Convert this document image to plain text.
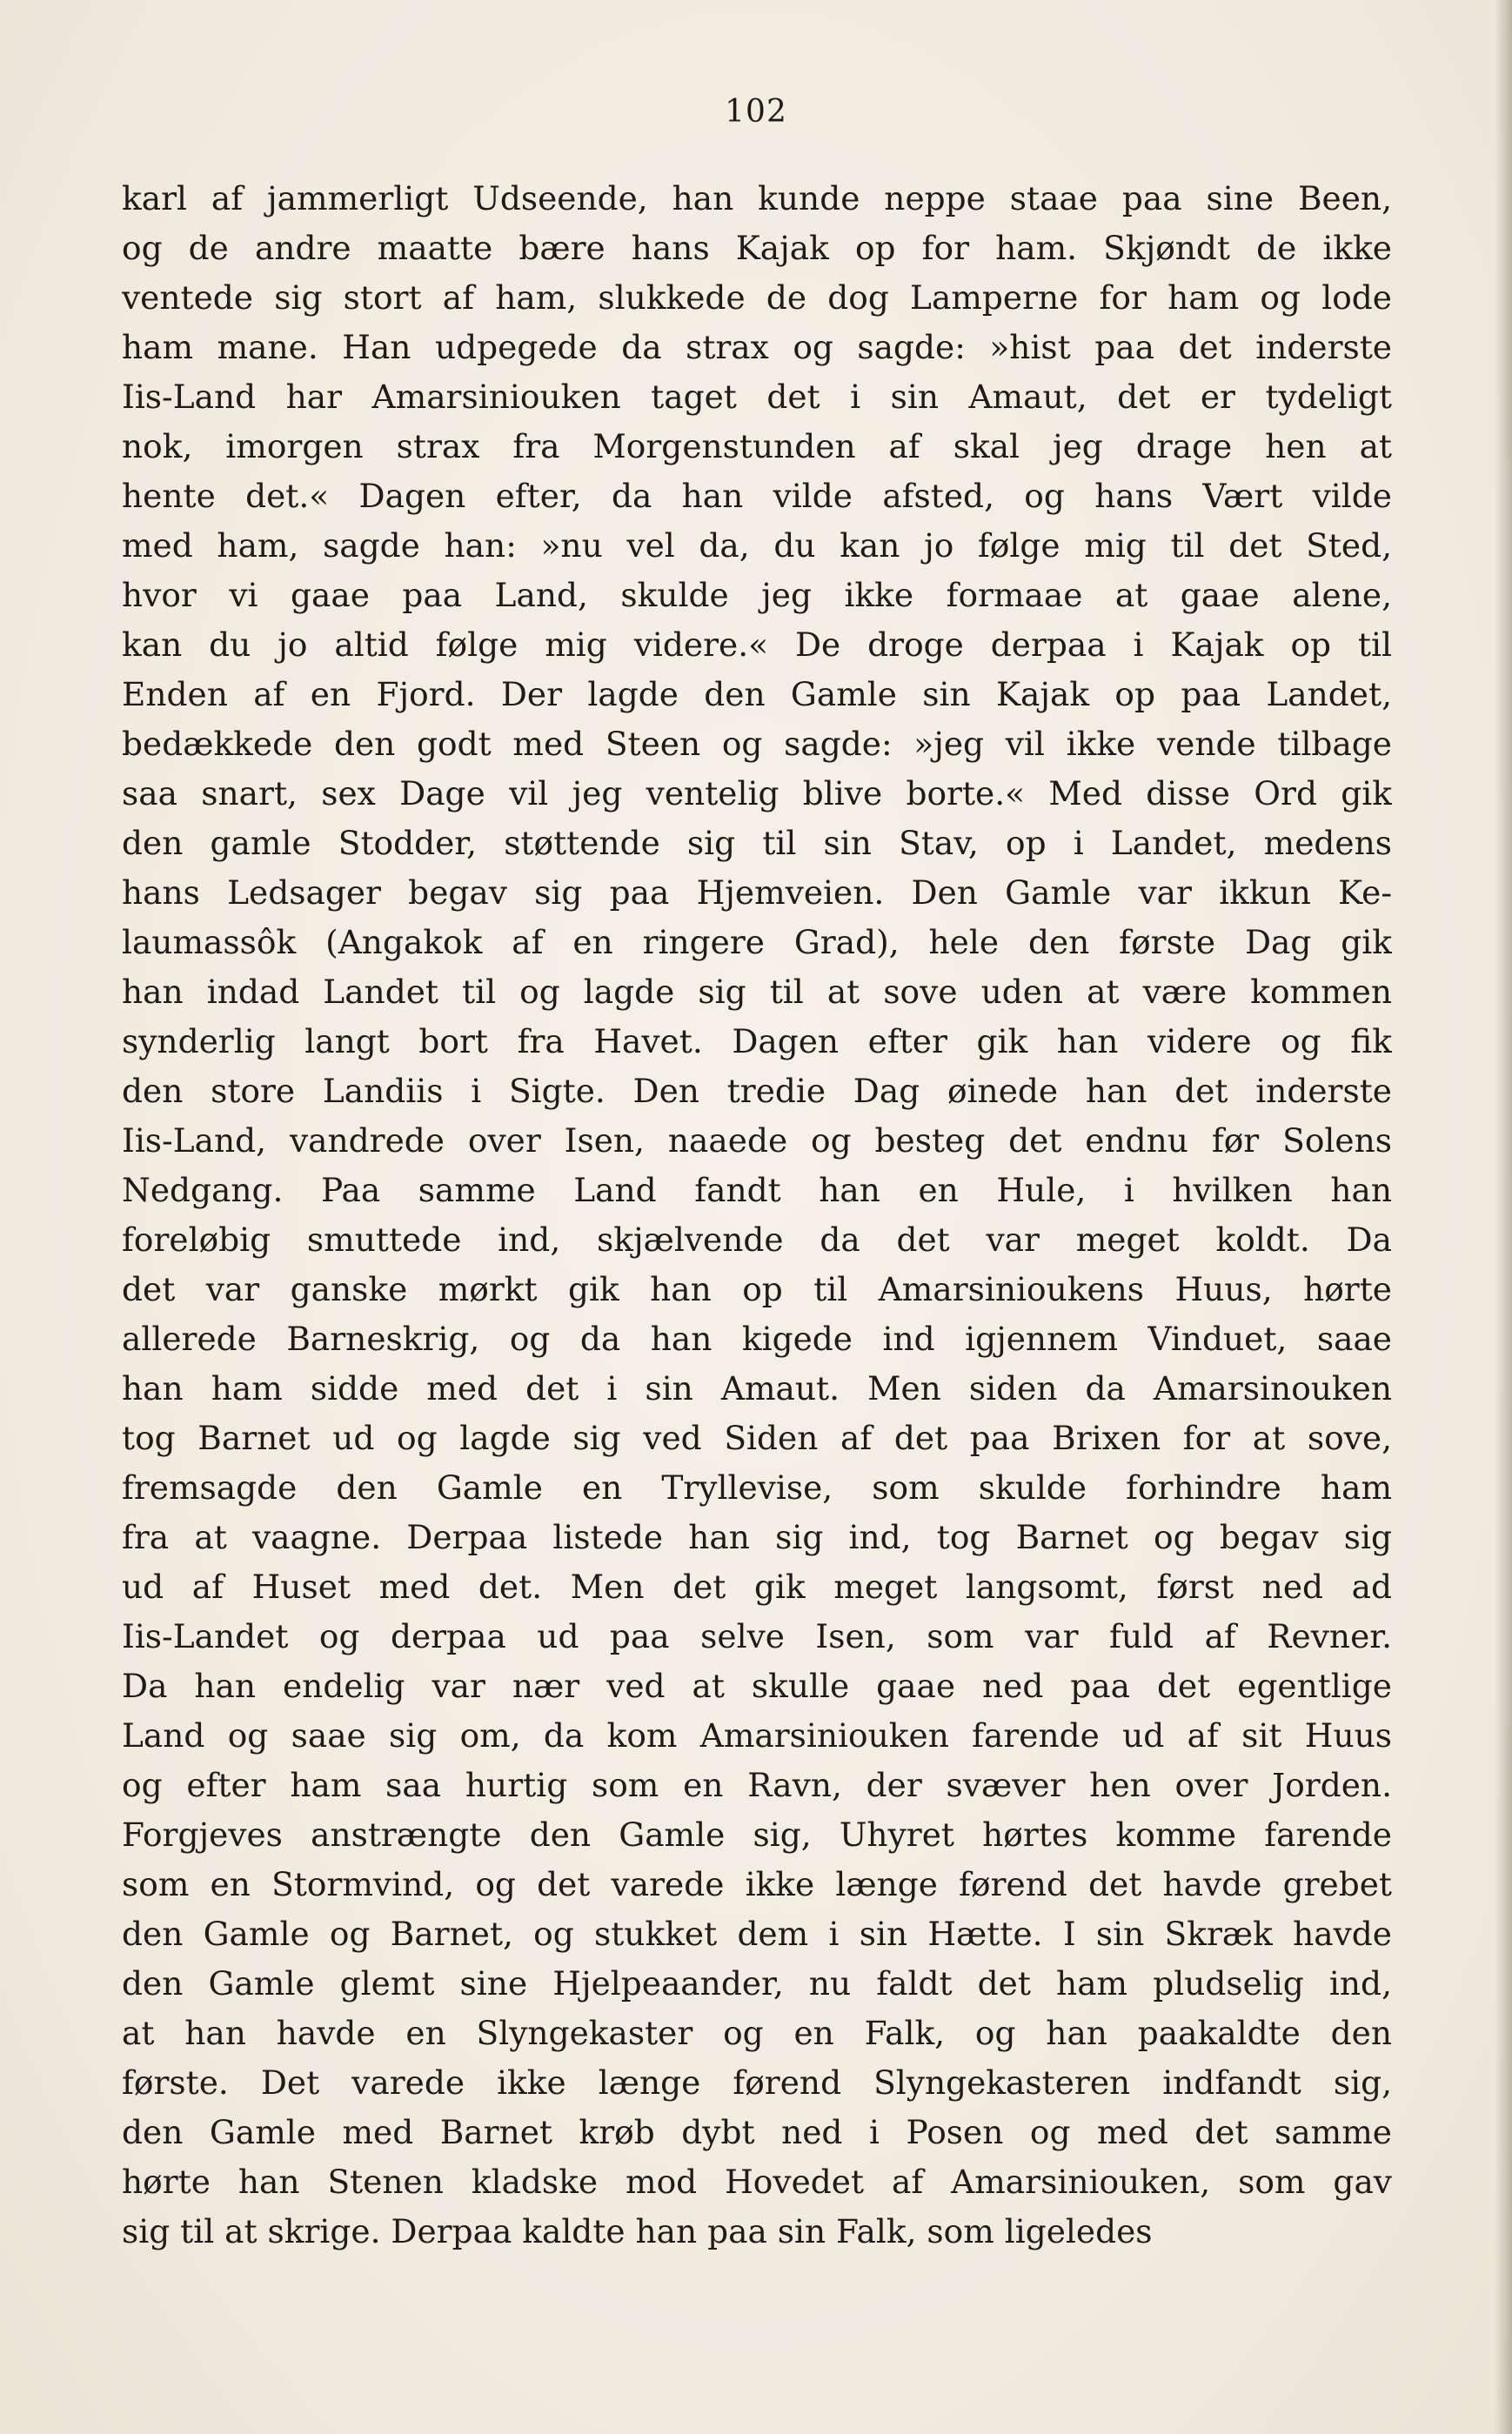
102
karl af jammerligt Udseende, han kunde neppe staae paa sine Been,
og de andre maatte bære hans Kajak op for ham. Skjøndt de ikke
ventede sig stort af ham, slukkede de dog Lamperne for ham og lode
ham mane. Han udpegede da strax og sagde: »hist paa det inderste
Iis-Land har Amarsiniouken taget det i sin Amaut, det er tydeligt
nok, imorgen strax fra Morgenstunden af skal jeg drage hen at
hente det.« Dagen efter, da han vilde afsted, og hans Vært vilde
med ham, sagde han: »nu vel da, du kan jo følge mig til det Sted,
hvor vi gaae paa Land, skulde jeg ikke formaae at gaae alene,
kan du jo altid følge mig videre.« De droge derpaa i Kajak op til
Enden af en Fjord. Der lagde den Gamle sin Kajak op paa Landet,
bedækkede den godt med Steen og sagde: »jeg vil ikke vende tilbage
saa snart, sex Dage vil jeg ventelig blive borte.« Med disse Ord gik
den gamle Stodder, støttende sig til sin Stav, op i Landet, medens
hans Ledsager begav sig paa Hjemveien. Den Gamle var ikkun Ke-
laumassôk (Angakok af en ringere Grad), hele den første Dag gik
han indad Landet til og lagde sig til at sove uden at være kommen
synderlig langt bort fra Havet. Dagen efter gik han videre og fik
den store Landiis i Sigte. Den tredie Dag øinede han det inderste
Iis-Land, vandrede over Isen, naaede og besteg det endnu før Solens
Nedgang. Paa samme Land fandt han en Hule, i hvilken han
foreløbig smuttede ind, skjælvende da det var meget koldt. Da
det var ganske mørkt gik han op til Amarsinioukens Huus, hørte
allerede Barneskrig, og da han kigede ind igjennem Vinduet, saae
han ham sidde med det i sin Amaut. Men siden da Amarsinouken
tog Barnet ud og lagde sig ved Siden af det paa Brixen for at sove,
fremsagde den Gamle en Tryllevise, som skulde forhindre ham
fra at vaagne. Derpaa listede han sig ind, tog Barnet og begav sig
ud af Huset med det. Men det gik meget langsomt, først ned ad
Iis-Landet og derpaa ud paa selve Isen, som var fuld af Revner.
Da han endelig var nær ved at skulle gaae ned paa det egentlige
Land og saae sig om, da kom Amarsiniouken farende ud af sit Huus
og efter ham saa hurtig som en Ravn, der svæver hen over Jorden.
Forgjeves anstrængte den Gamle sig, Uhyret hørtes komme farende
som en Stormvind, og det varede ikke længe førend det havde grebet
den Gamle og Barnet, og stukket dem i sin Hætte. I sin Skræk havde
den Gamle glemt sine Hjelpeaander, nu faldt det ham pludselig ind,
at han havde en Slyngekaster og en Falk, og han paakaldte den
første. Det varede ikke længe førend Slyngekasteren indfandt sig,
den Gamle med Barnet krøb dybt ned i Posen og med det samme
hørte han Stenen kladske mod Hovedet af Amarsiniouken, som gav
sig til at skrige. Derpaa kaldte han paa sin Falk, som ligeledes
